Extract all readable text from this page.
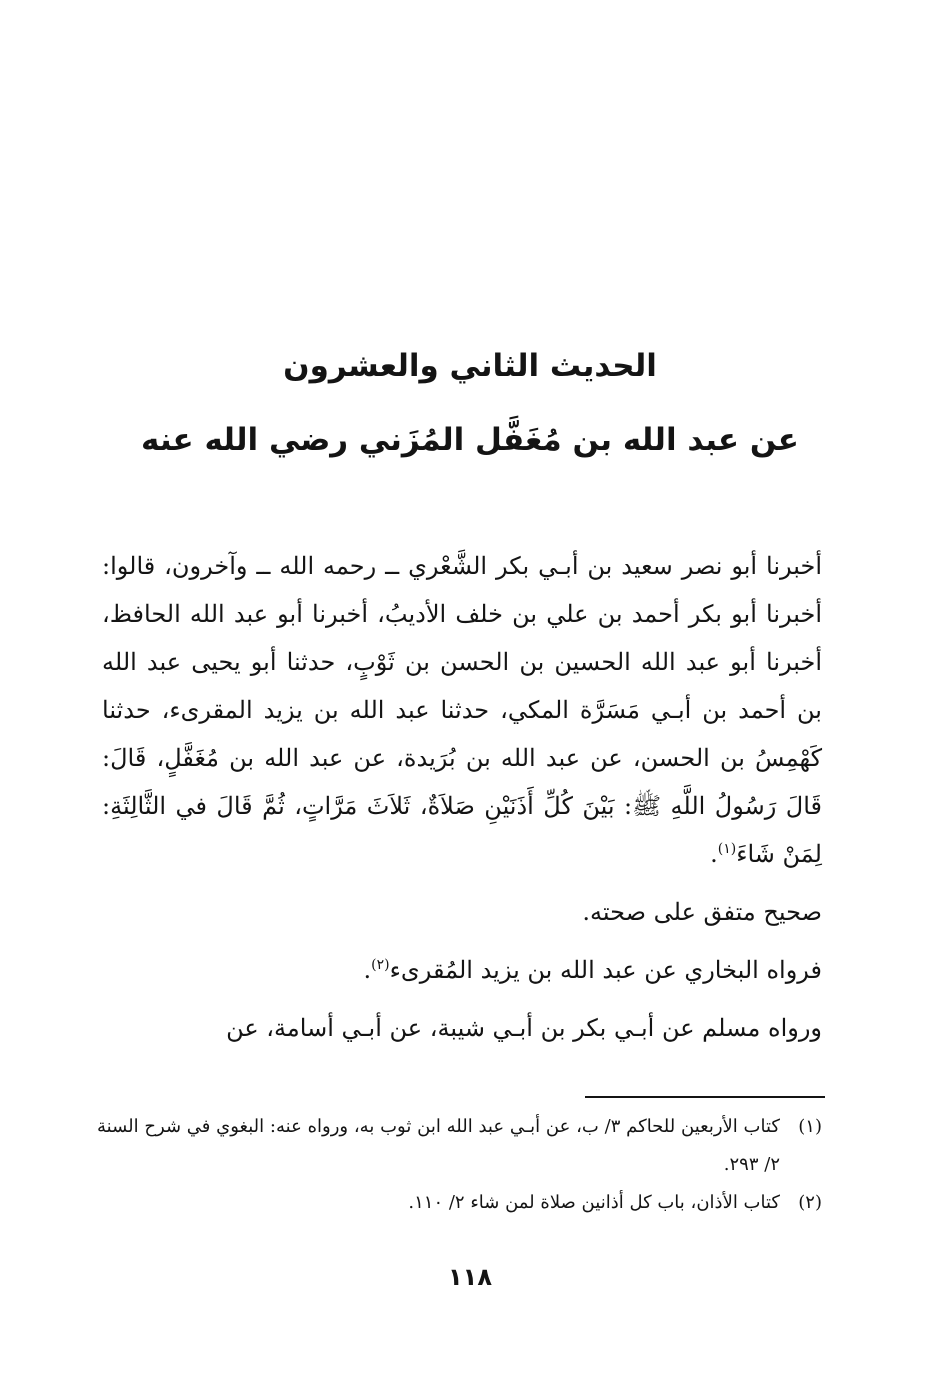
الحديث الثاني والعشرون
عن عبد الله بن مُغَفَّل المُزَني رضي الله عنه

أخبرنا أبو نصر سعيد بن أبـي بكر الشَّعْري ــ رحمه الله ــ وآخرون، قالوا: أخبرنا أبو بكر أحمد بن علي بن خلف الأديبُ، أخبرنا أبو عبد الله الحافظ، أخبرنا أبو عبد الله الحسين بن الحسن بن ثَوْبٍ، حدثنا أبو يحيى عبد الله بن أحمد بن أبـي مَسَرَّة المكي، حدثنا عبد الله بن يزيد المقرىء، حدثنا كَهْمِسُ بن الحسن، عن عبد الله بن بُرَيدة، عن عبد الله بن مُغَفَّلٍ، قَالَ: قَالَ رَسُولُ اللَّهِ ﷺ: بَيْنَ كُلِّ أَذَنَيْنِ صَلاَةٌ، ثَلاَثَ مَرَّاتٍ، ثُمَّ قَالَ في الثَّالِثَةِ: لِمَنْ شَاءَ$^{(١)}$.

صحيح متفق على صحته.

فرواه البخاري عن عبد الله بن يزيد المُقرىء$^{(٢)}$.

ورواه مسلم عن أبـي بكر بن أبـي شيبة، عن أبـي أسامة، عن

(١)
كتاب الأربعين للحاكم ٣/ ب، عن أبـي عبد الله ابن ثوب به، ورواه عنه: البغوي في شرح السنة ٢/ ٢٩٣.

(٢)
كتاب الأذان، باب كل أذانين صلاة لمن شاء ٢/ ١١٠.

١١٨
